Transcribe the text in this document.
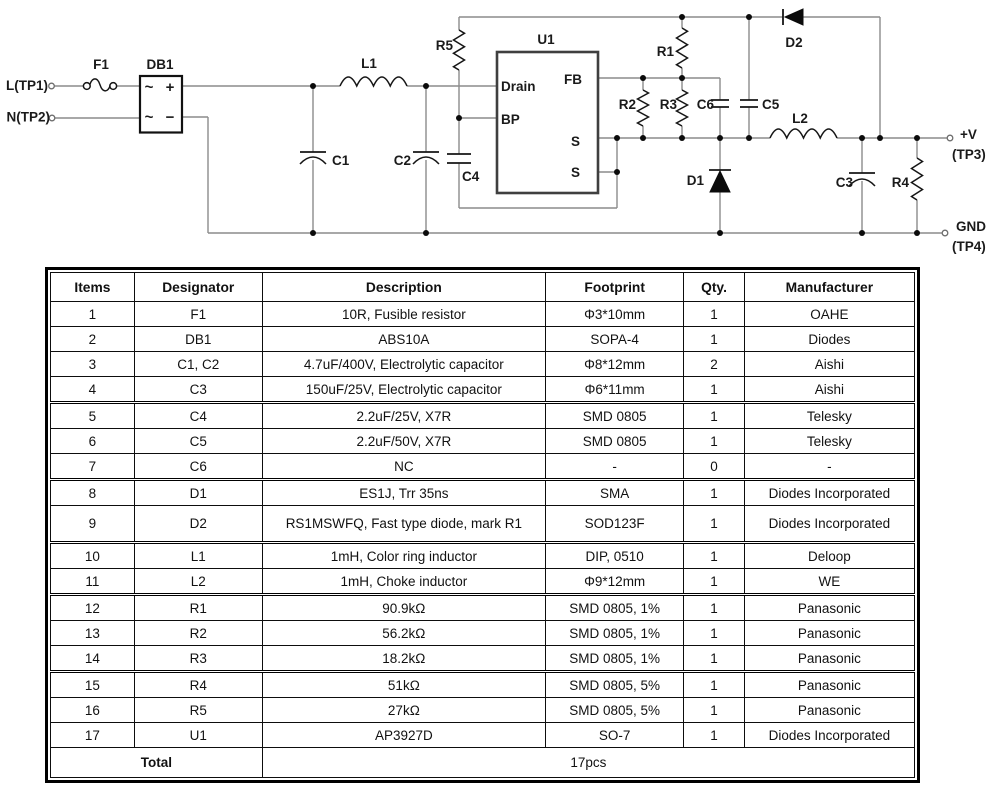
L(TP1)
N(TP2)
F1	DB1
~ +
~ −
L1
C1	C2
R5
C4
U1
Drain
BP
FB
S
S
R1
R2 R3 C6	C5
D2
D1
L2
C3	R4
+V
(TP3)
GND
(TP4)
Items	Designator	Description	Footprint	Qty.	Manufacturer
1	F1	10R, Fusible resistor	Φ3*10mm	1	OAHE
2	DB1	ABS10A	SOPA-4	1	Diodes
3	C1, C2	4.7uF/400V, Electrolytic capacitor	Φ8*12mm	2	Aishi
4	C3	150uF/25V, Electrolytic capacitor	Φ6*11mm	1	Aishi
5	C4	2.2uF/25V, X7R	SMD 0805	1	Telesky
6	C5	2.2uF/50V, X7R	SMD 0805	1	Telesky
7	C6	NC	-	0	-
8	D1	ES1J, Trr 35ns	SMA	1	Diodes Incorporated
9	D2	RS1MSWFQ, Fast type diode, mark R1	SOD123F	1	Diodes Incorporated
10	L1	1mH, Color ring inductor	DIP, 0510	1	Deloop
11	L2	1mH, Choke inductor	Φ9*12mm	1	WE
12	R1	90.9kΩ	SMD 0805, 1%	1	Panasonic
13	R2	56.2kΩ	SMD 0805, 1%	1	Panasonic
14	R3	18.2kΩ	SMD 0805, 1%	1	Panasonic
15	R4	51kΩ	SMD 0805, 5%	1	Panasonic
16	R5	27kΩ	SMD 0805, 5%	1	Panasonic
17	U1	AP3927D	SO-7	1	Diodes Incorporated
Total		17pcs			
